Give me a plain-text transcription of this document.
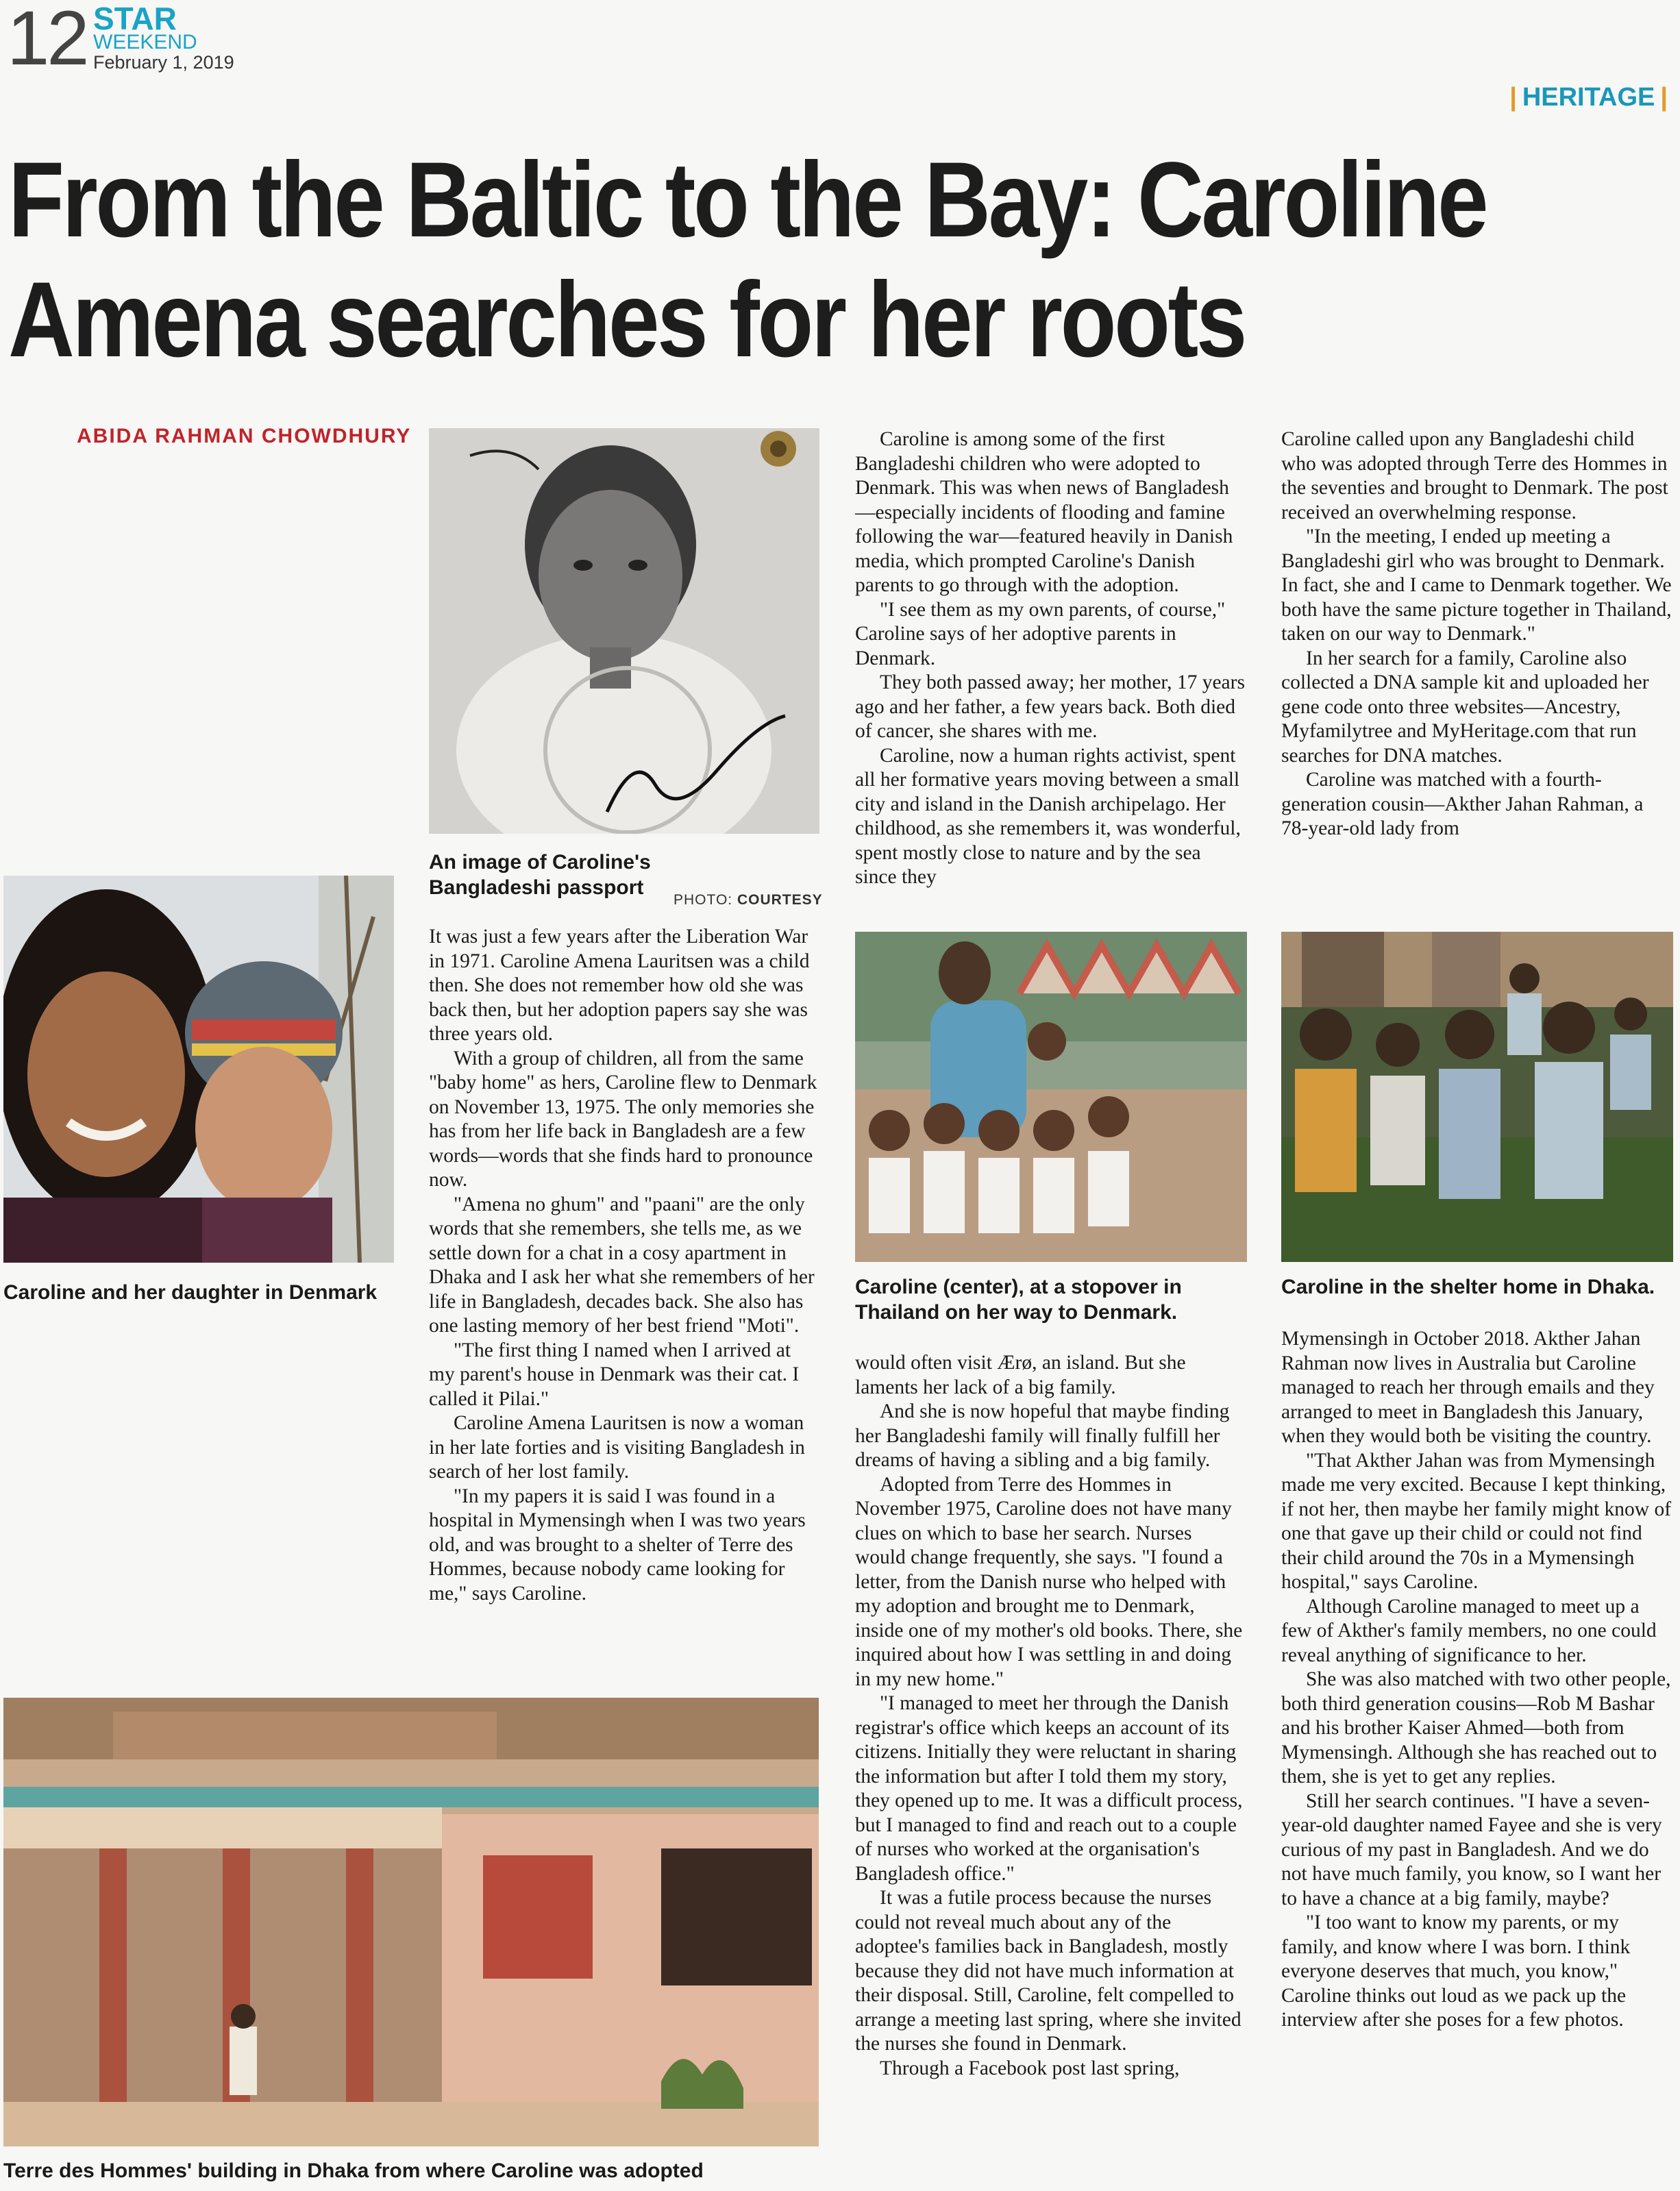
12 STAR
WEEKEND
February 1, 2019
| HERITAGE |
From the Baltic to the Bay: Caroline
Amena searches for her roots
ABIDA RAHMAN CHOWDHURY
An image of Caroline's Bangladeshi passport
PHOTO: COURTESY
Caroline and her daughter in Denmark	Caroline (center), at a stopover in Thailand on her way to Denmark.
Caroline in the shelter home in Dhaka.
Terre des Hommes' building in Dhaka from where Caroline was adopted

It was just a few years after the Liberation War in 1971. Caroline Amena Lauritsen was a child then. She does not remember how old she was back then, but her adoption papers say she was three years old.

With a group of children, all from the same "baby home" as hers, Caroline flew to Denmark on November 13, 1975. The only memories she has from her life back in Bangladesh are a few words—words that she finds hard to pronounce now.

"Amena no ghum" and "paani" are the only words that she remembers, she tells me, as we settle down for a chat in a cosy apartment in Dhaka and I ask her what she remembers of her life in Bangladesh, decades back. She also has one lasting memory of her best friend "Moti".

"The first thing I named when I arrived at my parent's house in Denmark was their cat. I called it Pilai."

Caroline Amena Lauritsen is now a woman in her late forties and is visiting Bangladesh in search of her lost family.

"In my papers it is said I was found in a hospital in Mymensingh when I was two years old, and was brought to a shelter of Terre des Hommes, because nobody came looking for me," says Caroline.

Caroline is among some of the first Bangladeshi children who were adopted to Denmark. This was when news of Bangladesh—especially incidents of flooding and famine following the war—featured heavily in Danish media, which prompted Caroline's Danish parents to go through with the adoption.

"I see them as my own parents, of course," Caroline says of her adoptive parents in Denmark.

They both passed away; her mother, 17 years ago and her father, a few years back. Both died of cancer, she shares with me.

Caroline, now a human rights activist, spent all her formative years moving between a small city and island in the Danish archipelago. Her childhood, as she remembers it, was wonderful, spent mostly close to nature and by the sea since they

would often visit Ærø, an island. But she laments her lack of a big family.

And she is now hopeful that maybe finding her Bangladeshi family will finally fulfill her dreams of having a sibling and a big family.

Adopted from Terre des Hommes in November 1975, Caroline does not have many clues on which to base her search. Nurses would change frequently, she says. "I found a letter, from the Danish nurse who helped with my adoption and brought me to Denmark, inside one of my mother's old books. There, she inquired about how I was settling in and doing in my new home."

"I managed to meet her through the Danish registrar's office which keeps an account of its citizens. Initially they were reluctant in sharing the information but after I told them my story, they opened up to me. It was a difficult process, but I managed to find and reach out to a couple of nurses who worked at the organisation's Bangladesh office."

It was a futile process because the nurses could not reveal much about any of the adoptee's families back in Bangladesh, mostly because they did not have much information at their disposal. Still, Caroline, felt compelled to arrange a meeting last spring, where she invited the nurses she found in Denmark.

Through a Facebook post last spring,

Caroline called upon any Bangladeshi child who was adopted through Terre des Hommes in the seventies and brought to Denmark. The post received an overwhelming response.

"In the meeting, I ended up meeting a Bangladeshi girl who was brought to Denmark. In fact, she and I came to Denmark together. We both have the same picture together in Thailand, taken on our way to Denmark."

In her search for a family, Caroline also collected a DNA sample kit and uploaded her gene code onto three websites—Ancestry, Myfamilytree and MyHeritage.com that run searches for DNA matches.

Caroline was matched with a fourth-generation cousin—Akther Jahan Rahman, a 78-year-old lady from

Mymensingh in October 2018. Akther Jahan Rahman now lives in Australia but Caroline managed to reach her through emails and they arranged to meet in Bangladesh this January, when they would both be visiting the country.

"That Akther Jahan was from Mymensingh made me very excited. Because I kept thinking, if not her, then maybe her family might know of one that gave up their child or could not find their child around the 70s in a Mymensingh hospital," says Caroline.

Although Caroline managed to meet up a few of Akther's family members, no one could reveal anything of significance to her.

She was also matched with two other people, both third generation cousins—Rob M Bashar and his brother Kaiser Ahmed—both from Mymensingh. Although she has reached out to them, she is yet to get any replies.

Still her search continues. "I have a seven-year-old daughter named Fayee and she is very curious of my past in Bangladesh. And we do not have much family, you know, so I want her to have a chance at a big family, maybe?

"I too want to know my parents, or my family, and know where I was born. I think everyone deserves that much, you know," Caroline thinks out loud as we pack up the interview after she poses for a few photos.
